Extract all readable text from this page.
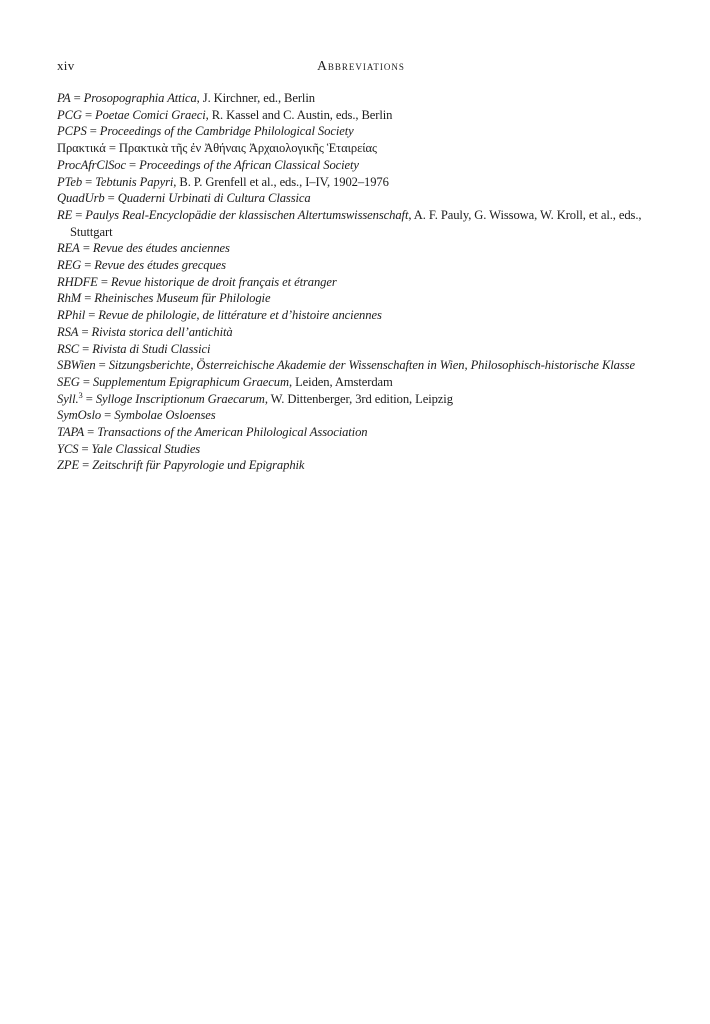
xiv	Abbreviations
PA = Prosopographia Attica, J. Kirchner, ed., Berlin
PCG = Poetae Comici Graeci, R. Kassel and C. Austin, eds., Berlin
PCPS = Proceedings of the Cambridge Philological Society
Πρακτικά = Πρακτικὰ τῆς ἐν Ἀθήναις Ἀρχαιολογικῆς Ἑταιρείας
ProcAfrClSoc = Proceedings of the African Classical Society
PTeb = Tebtunis Papyri, B. P. Grenfell et al., eds., I–IV, 1902–1976
QuadUrb = Quaderni Urbinati di Cultura Classica
RE = Paulys Real-Encyclopädie der klassischen Altertumswissenschaft, A. F. Pauly, G. Wissowa, W. Kroll, et al., eds.,
Stuttgart
REA = Revue des études anciennes
REG = Revue des études grecques
RHDFE = Revue historique de droit français et étranger
RhM = Rheinisches Museum für Philologie
RPhil = Revue de philologie, de littérature et d’histoire anciennes
RSA = Rivista storica dell’antichità
RSC = Rivista di Studi Classici
SBWien = Sitzungsberichte, Österreichische Akademie der Wissenschaften in Wien, Philosophisch-historische Klasse
SEG = Supplementum Epigraphicum Graecum, Leiden, Amsterdam
Syll.$^3$ = Sylloge Inscriptionum Graecarum, W. Dittenberger, 3rd edition, Leipzig
SymOslo = Symbolae Osloenses
TAPA = Transactions of the American Philological Association
YCS = Yale Classical Studies
ZPE = Zeitschrift für Papyrologie und Epigraphik
